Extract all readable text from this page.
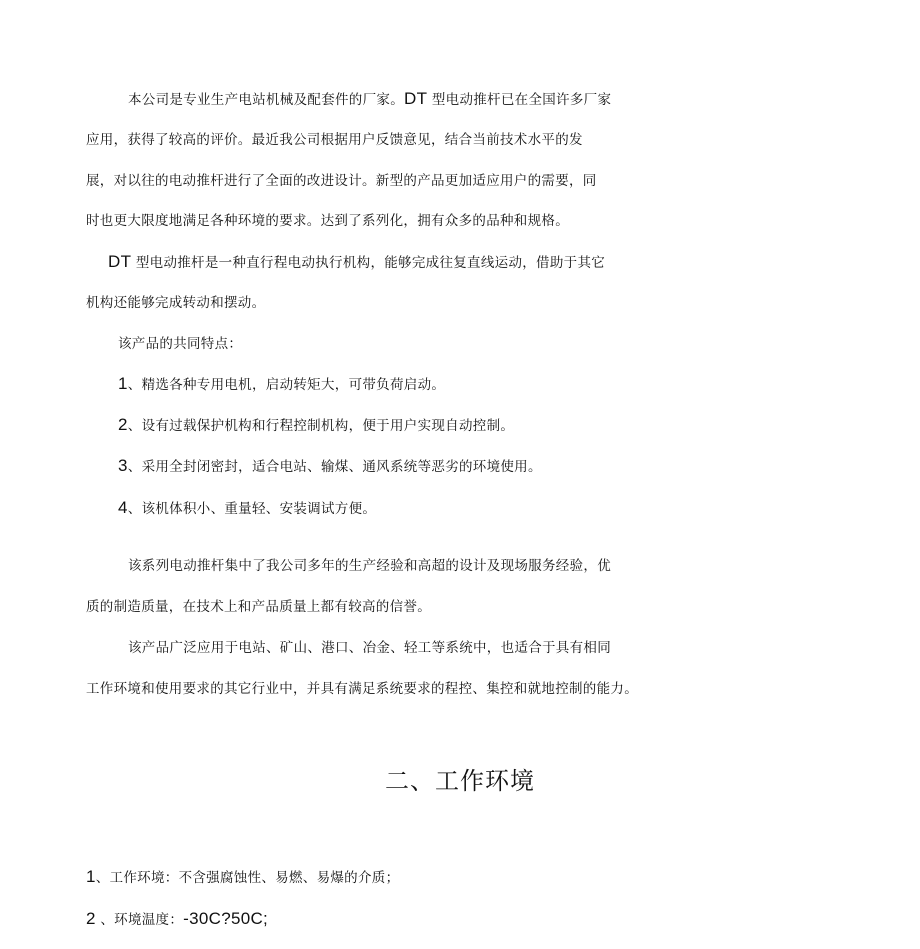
本公司是专业生产电站机械及配套件的厂家。DT 型电动推杆已在全国许多厂家
应用，获得了较高的评价。最近我公司根据用户反馈意见，结合当前技术水平的发
展，对以往的电动推杆进行了全面的改进设计。新型的产品更加适应用户的需要，同
时也更大限度地满足各种环境的要求。达到了系列化，拥有众多的品种和规格。
DT 型电动推杆是一种直行程电动执行机构，能够完成往复直线运动，借助于其它
机构还能够完成转动和摆动。
该产品的共同特点：
1、精选各种专用电机，启动转矩大，可带负荷启动。
2、设有过载保护机构和行程控制机构，便于用户实现自动控制。
3、采用全封闭密封，适合电站、输煤、通风系统等恶劣的环境使用。
4、该机体积小、重量轻、安装调试方便。
该系列电动推杆集中了我公司多年的生产经验和高超的设计及现场服务经验，优
质的制造质量，在技术上和产品质量上都有较高的信誉。
该产品广泛应用于电站、矿山、港口、冶金、轻工等系统中，也适合于具有相同
工作环境和使用要求的其它行业中，并具有满足系统要求的程控、集控和就地控制的能力。
二、工作环境
1、工作环境：不含强腐蚀性、易燃、易爆的介质；
2 、环境温度：-30C?50C;
